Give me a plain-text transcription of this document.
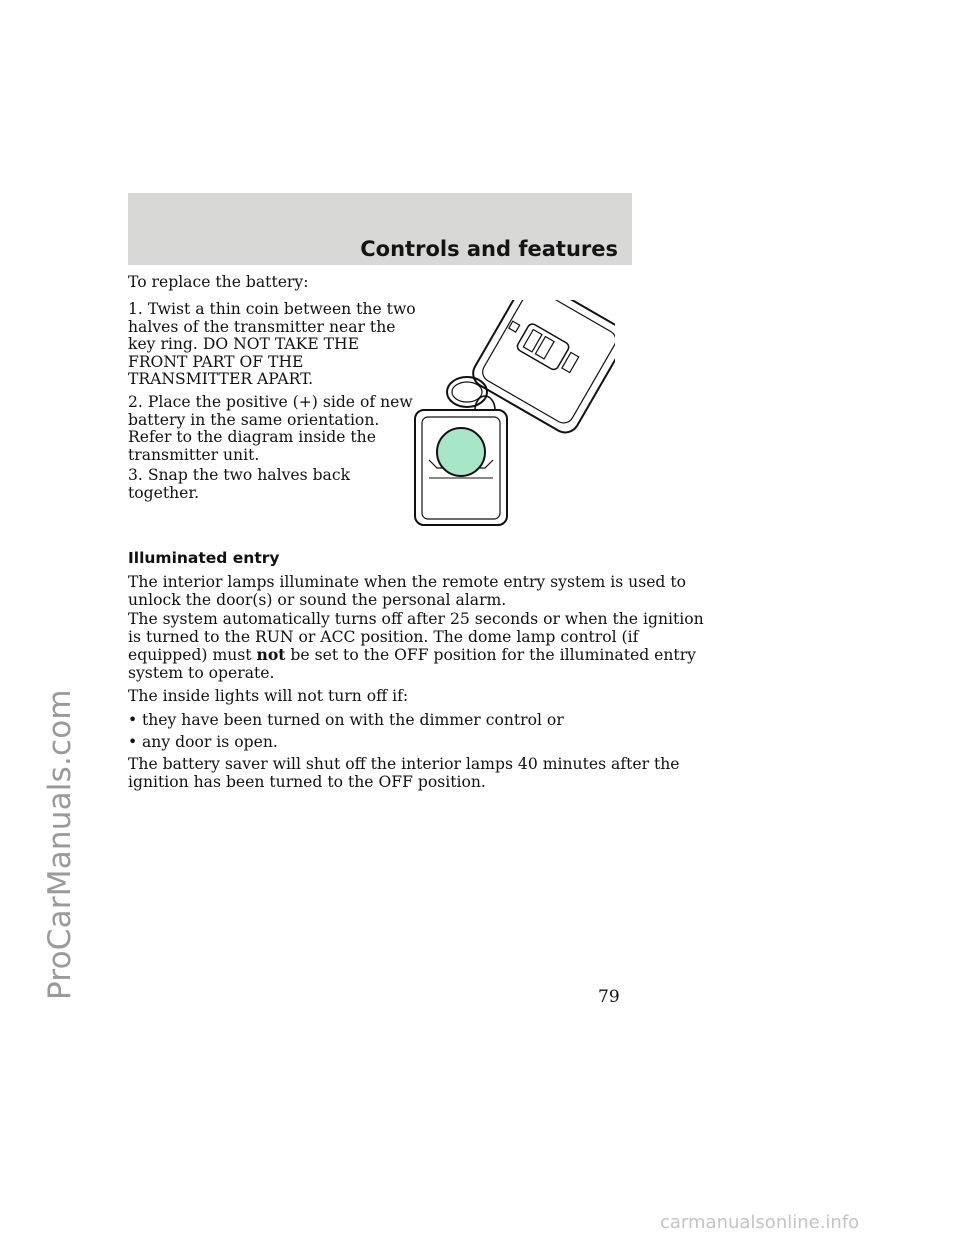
ProCarManuals.com
Controls and features
To replace the battery:
1. Twist a thin coin between the two
halves of the transmitter near the
key ring. DO NOT TAKE THE
FRONT PART OF THE
TRANSMITTER APART.
2. Place the positive (+) side of new
battery in the same orientation.
Refer to the diagram inside the
transmitter unit.
3. Snap the two halves back
together.
Illuminated entry
The interior lamps illuminate when the remote entry system is used to
unlock the door(s) or sound the personal alarm.
The system automatically turns off after 25 seconds or when the ignition
is turned to the RUN or ACC position. The dome lamp control (if
equipped) must not be set to the OFF position for the illuminated entry
system to operate.
The inside lights will not turn off if:
• they have been turned on with the dimmer control or
• any door is open.
The battery saver will shut off the interior lamps 40 minutes after the
ignition has been turned to the OFF position.
79
carmanualsonline.info
